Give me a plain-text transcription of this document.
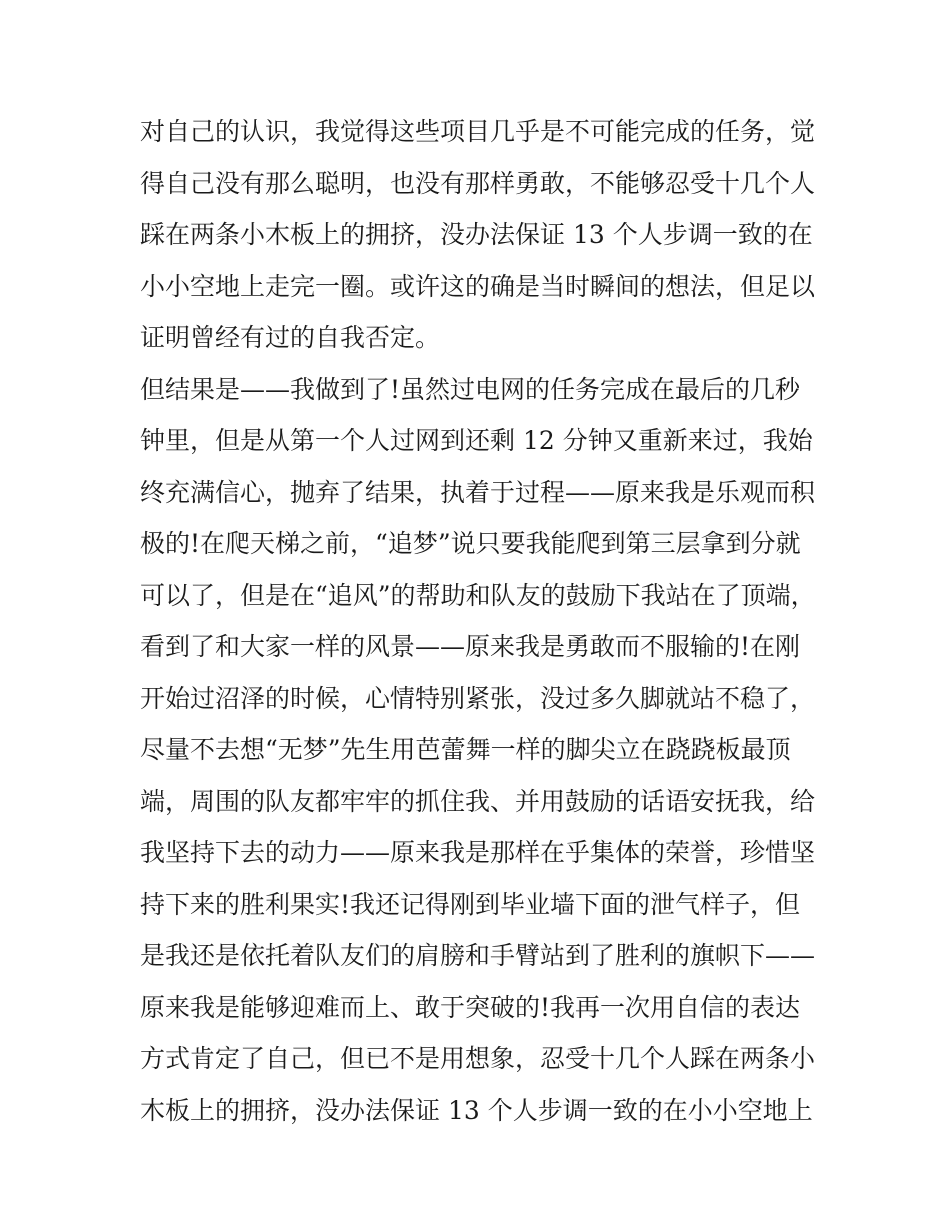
对自己的认识，我觉得这些项目几乎是不可能完成的任务，觉
得自己没有那么聪明，也没有那样勇敢，不能够忍受十几个人
踩在两条小木板上的拥挤，没办法保证 13 个人步调一致的在
小小空地上走完一圈。或许这的确是当时瞬间的想法，但足以
证明曾经有过的自我否定。
但结果是——我做到了!虽然过电网的任务完成在最后的几秒
钟里，但是从第一个人过网到还剩 12 分钟又重新来过，我始
终充满信心，抛弃了结果，执着于过程——原来我是乐观而积
极的!在爬天梯之前，“追梦”说只要我能爬到第三层拿到分就
可以了，但是在“追风”的帮助和队友的鼓励下我站在了顶端，
看到了和大家一样的风景——原来我是勇敢而不服输的!在刚
开始过沼泽的时候，心情特别紧张，没过多久脚就站不稳了，
尽量不去想“无梦”先生用芭蕾舞一样的脚尖立在跷跷板最顶
端，周围的队友都牢牢的抓住我、并用鼓励的话语安抚我，给
我坚持下去的动力——原来我是那样在乎集体的荣誉，珍惜坚
持下来的胜利果实!我还记得刚到毕业墙下面的泄气样子，但
是我还是依托着队友们的肩膀和手臂站到了胜利的旗帜下——
原来我是能够迎难而上、敢于突破的!我再一次用自信的表达
方式肯定了自己，但已不是用想象，忍受十几个人踩在两条小
木板上的拥挤，没办法保证 13 个人步调一致的在小小空地上
